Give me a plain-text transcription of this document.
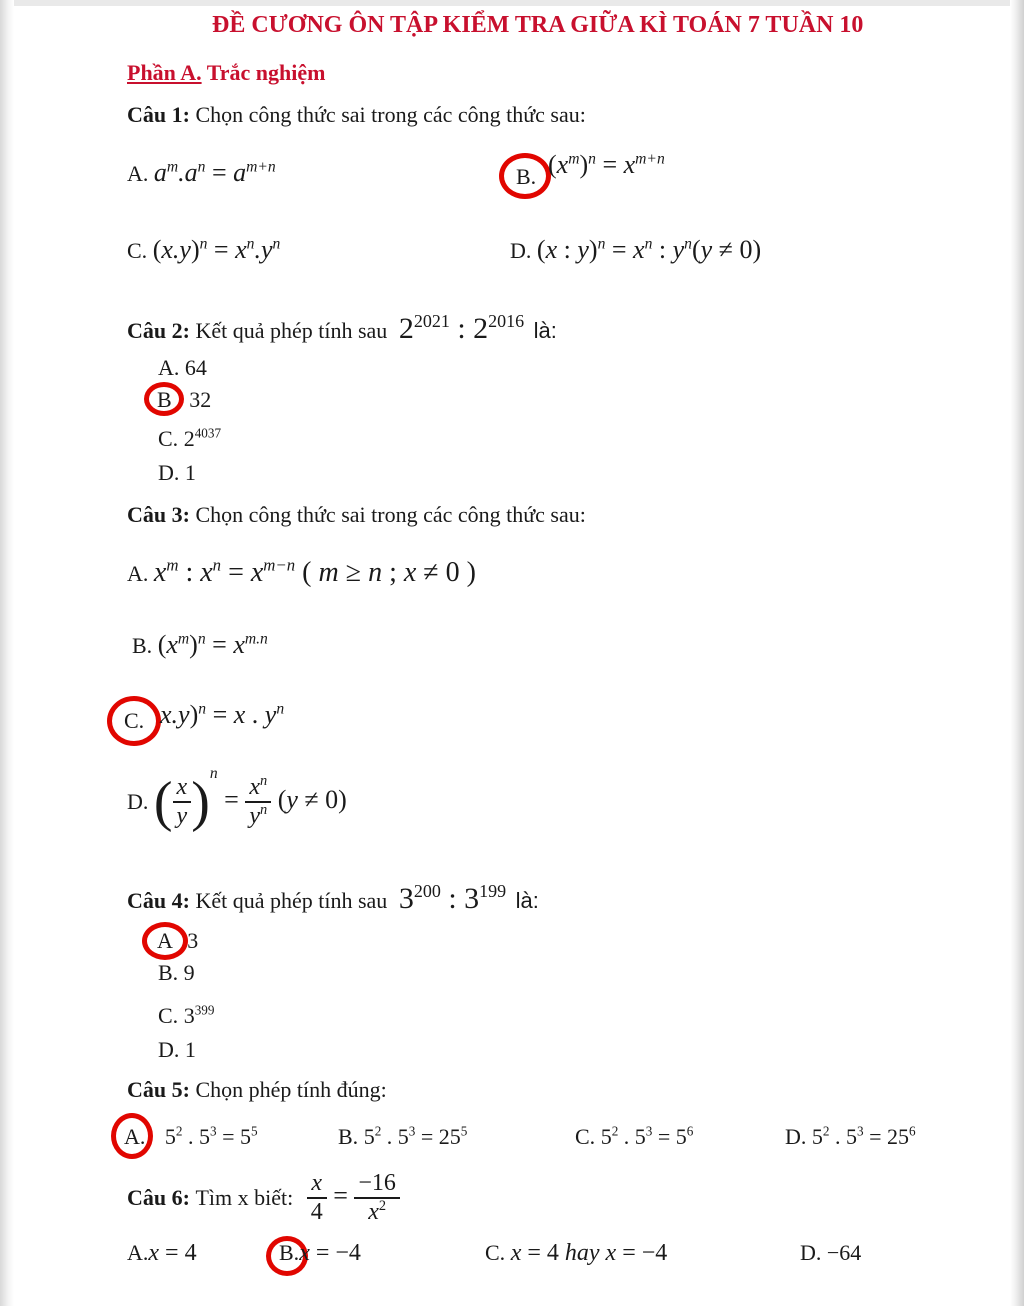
ĐỀ CƯƠNG ÔN TẬP KIỂM TRA GIỮA KÌ TOÁN 7 TUẦN 10
Phần A. Trắc nghiệm
Câu 1: Chọn công thức sai trong các công thức sau:
A. $a^m.a^n = a^{m+n}$	B. $(x^m)^n = x^{m+n}$
C. $(x.y)^n = x^n.y^n$	D. (x : $y)^n = x^n$ : $y^n(y \ne 0)$
Câu 2: Kết quả phép tính sau $2^{2021}$ : $2^{2016}$ là:
A. 64
B 32
C. $2^{4037}$
D. 1
Câu 3: Chọn công thức sai trong các công thức sau:
A. $x^m$ : $x^n = x^{m-n}$ ( m ≥ n ; x ≠ 0 )
B. $(x^m)^n = x^{m.n}$
C. x.y)$^n$ = x . $y^n$
D. ( $\frac{x}{y} )^n = \frac{x^n}{y^n} (y \ne 0)$
Câu 4: Kết quả phép tính sau $3^{200}$ : $3^{199}$ là:
A 3
B. 9
C. $3^{399}$
D. 1
Câu 5: Chọn phép tính đúng:
A. $5^2$ . $5^3 = 5^5$	B. $5^2$ . $5^3 = 25^5$	C. $5^2$ . $5^3 = 5^6$	D. $5^2$ . $5^3 = 25^6$
Câu 6: Tìm x biết: $\frac{x}{4} = \frac{-16}{x^2}$
A.x = 4	B.x = −4	C. x = 4 hay x = −4	D. −64
